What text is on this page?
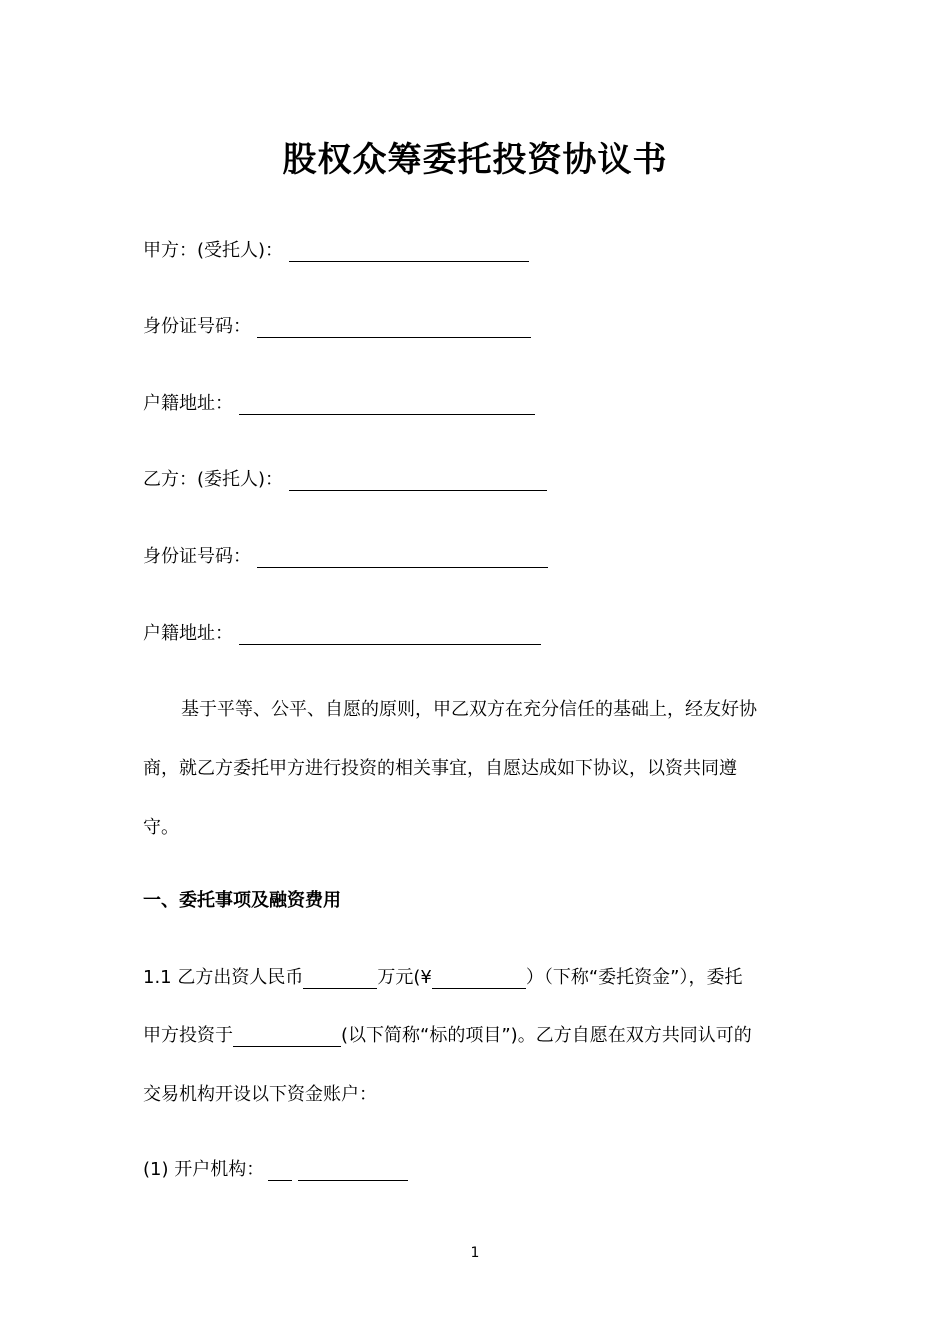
股权众筹委托投资协议书
甲方：(受托人)：
身份证号码：
户籍地址：
乙方：(委托人)：
身份证号码：
户籍地址：
基于平等、公平、自愿的原则，甲乙双方在充分信任的基础上，经友好协
商，就乙方委托甲方进行投资的相关事宜，自愿达成如下协议，以资共同遵
守。
一、委托事项及融资费用
1.1 乙方出资人民币	万元(¥	）（下称“委托资金”），委托
甲方投资于	(以下简称“标的项目”)。乙方自愿在双方共同认可的
交易机构开设以下资金账户：
(1) 开户机构：
1
